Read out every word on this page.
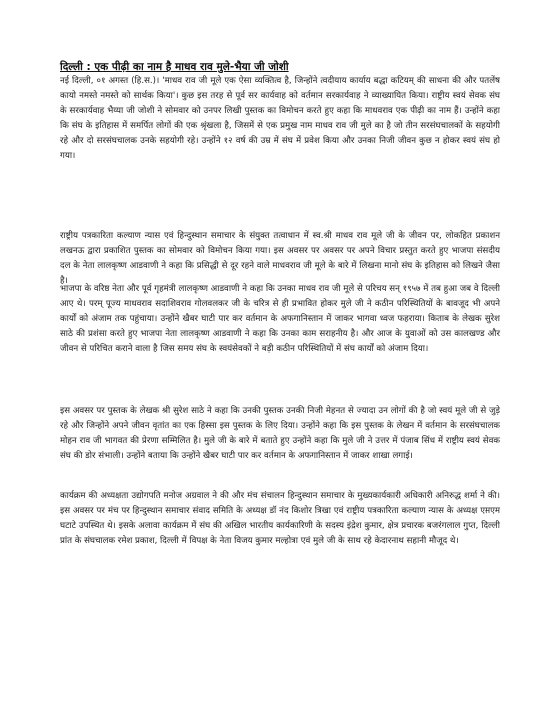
दिल्ली : एक पीढ़ी का नाम है माधव राव मुले-भैया जी जोशी

नई दिल्ली, ०१ अगस्त (हि.स.)। 'माधव राव जी मूले एक ऐसा व्यक्तित्व है, जिन्होंने त्वदीयाय कार्याय बद्धा कटियम् की साधना की और पतलेंष कायो नमस्ते नमस्ते को सार्थक किया'। कुछ इस तरह से पूर्व सर कार्यवाह को वर्तमान सरकार्यवाह ने व्याख्यायित किया। राष्ट्रीय स्वयं सेवक संघ के सरकार्यवाह भैय्या जी जोशी ने सोमवार को उनपर लिखी पुस्तक का विमोचन करते हुए कहा कि माधवराव एक पीढ़ी का नाम हैं। उन्होंने कहा कि संघ के इतिहास में समर्पित लोगों की एक श्रृंखला है, जिसमें से एक प्रमुख नाम माधव राव जी मुले का है जो तीन सरसंघचालकों के सहयोगी रहे और दो सरसंघचालक उनके सहयोगी रहे। उन्होंने १२ वर्ष की उम्र में संघ में प्रवेश किया और उनका निजी जीवन कुछ न होकर स्वयं संघ हो गया।

राष्ट्रीय पत्रकारिता कल्याण न्यास एवं हिन्दुस्थान समाचार के संयुक्त तत्वाधान में स्व.श्री माधव राव मूले जी के जीवन पर, लोकहित प्रकाशन लखनऊ द्वारा प्रकाशित पुस्तक का सोमवार को विमोचन किया गया। इस अवसर पर अवसर पर अपने विचार प्रस्तुत करते हुए भाजपा संसदीय दल के नेता लालकृष्ण आडवाणी ने कहा कि प्रसिद्धी से दूर रहने वाले माधवराव जी मूले के बारे में लिखना मानो संघ के इतिहास को लिखने जैसा है।

भाजपा के वरिष्ठ नेता और पूर्व गृहमंत्री लालकृष्ण आडवाणी ने कहा कि उनका माधव राव जी मूले से परिचय सन् १९५७ में तब हुआ जब वे दिल्ली आए थे। परम् पूज्य माधवराव सदाशिवराव गोलवलकर जी के चरित्र से ही प्रभावित होकर मुले जी ने कठीन परिस्थितियों के बावजूद भी अपने कार्यों को अंजाम तक पहुंचाया। उन्होंने खैबर घाटी पार कर वर्तमान के अफगानिस्तान में जाकर भागवा ध्वज फहराया। किताब के लेखक सुरेश साठे की प्रशंसा करते हुए भाजपा नेता लालकृष्ण आडवाणी ने कहा कि उनका काम सराहनीय है। और आज के युवाओं को उस कालखण्ड और जीवन से परिचित कराने वाला है जिस समय संघ के स्वयंसेवकों ने बड़ी कठीन परिस्थितियों में संघ कार्यों को अंजाम दिया।

इस अवसर पर पुस्तक के लेखक श्री सुरेश साठे ने कहा कि उनकी पुस्तक उनकी निजी मेहनत से ज्यादा उन लोगों की है जो स्वयं मूले जी से जुड़े रहे और जिन्होंने अपने जीवन वृतांत का एक हिस्सा इस पुस्तक के लिए दिया। उन्होंने कहा कि इस पुस्तक के लेखन में वर्तमान के सरसंघचालक मोहन राव जी भागवत की प्रेरणा सम्मिलित है। मुले जी के बारे में बताते हुए उन्होंने कहा कि मुले जी ने उत्तर में पंजाब सिंध में राष्ट्रीय स्वयं सेवक संघ की डोर संभाली। उन्होंने बताया कि उन्होंने खैबर घाटी पार कर वर्तमान के अफगानिस्तान में जाकर शाखा लगाई।

कार्यक्रम की अध्यक्षता उद्योगपति मनोज अग्रवाल ने की और मंच संचालन हिन्दुस्थान समाचार के मुख्यकार्यकारी अधिकारी अनिरुद्ध शर्मा ने की। इस अवसर पर मंच पर हिन्दुस्थान समाचार संवाद समिति के अध्यक्ष डॉ नंद किशोर त्रिखा एवं राष्ट्रीय पत्रकारिता कल्याण न्यास के अध्यक्ष एम़एम घटाटे उपस्थित थे। इसके अलावा कार्यक्रम में संघ की अखिल भारतीय कार्यकारिणी के सदस्य इंद्रेश कुमार, क्षेत्र प्रचारक बजरंगलाल गुप्त, दिल्ली प्रांत के संघचालक रमेश प्रकाश, दिल्ली में विपक्ष के नेता विजय कुमार मल्होत्रा एवं मुले जी के साथ रहे केदारनाथ सहानी मौजूद थे।
